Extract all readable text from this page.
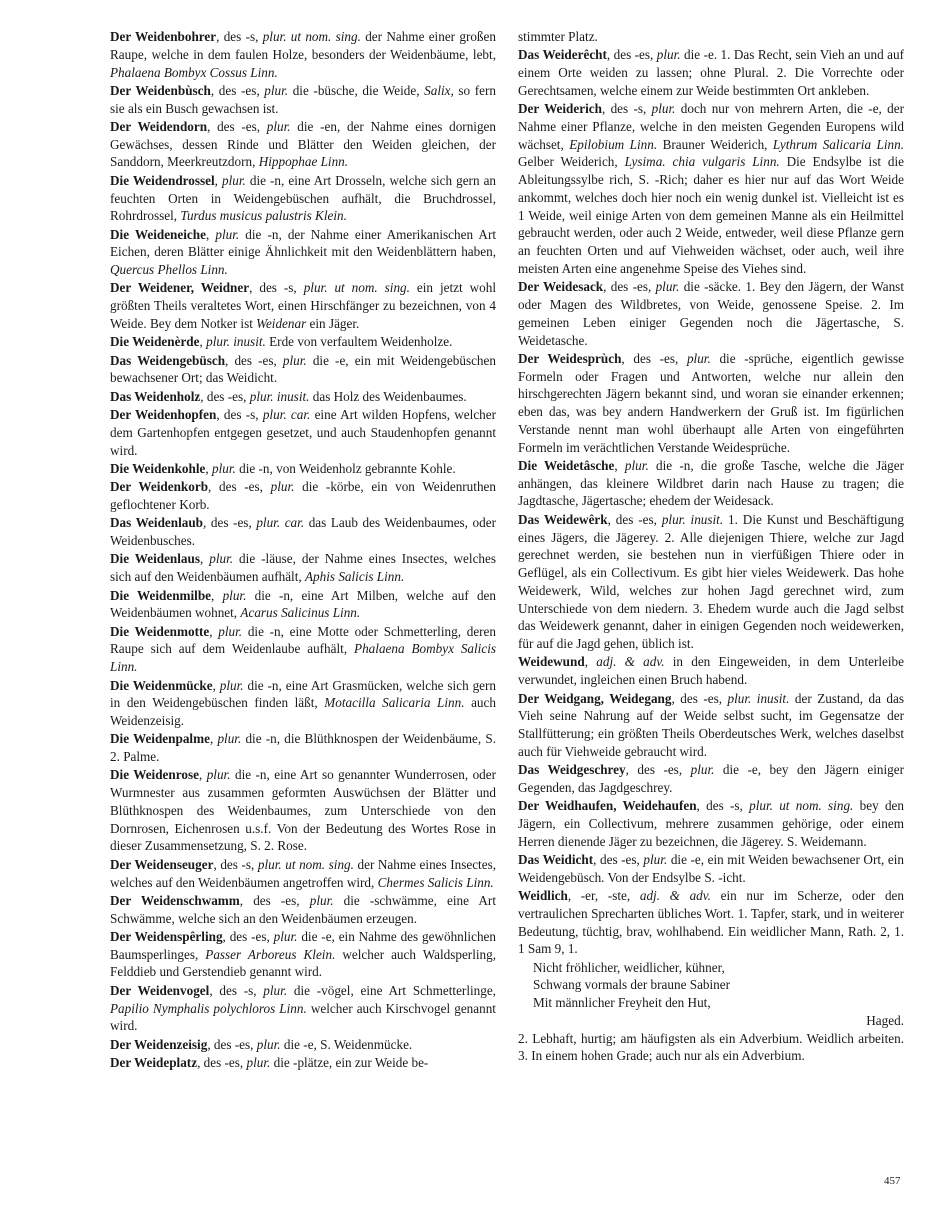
Der Weidenbohrer, des -s, plur. ut nom. sing. der Nahme einer großen Raupe, welche in dem faulen Holze, besonders der Weidenbäume, lebt, Phalaena Bombyx Cossus Linn.
Der Weidenbùsch, des -es, plur. die -büsche, die Weide, Salix, so fern sie als ein Busch gewachsen ist.
Der Weidendorn, des -es, plur. die -en, der Nahme eines dornigen Gewächses, dessen Rinde und Blätter den Weiden gleichen, der Sanddorn, Meerkreutzdorn, Hippophae Linn.
Die Weidendrossel, plur. die -n, eine Art Drosseln, welche sich gern an feuchten Orten in Weidengebüschen aufhält, die Bruchdrossel, Rohrdrossel, Turdus musicus palustris Klein.
Die Weideneiche, plur. die -n, der Nahme einer Amerikanischen Art Eichen, deren Blätter einige Ähnlichkeit mit den Weidenblättern haben, Quercus Phellos Linn.
Der Weidener, Weidner, des -s, plur. ut nom. sing. ein jetzt wohl größten Theils veraltetes Wort, einen Hirschfänger zu bezeichnen, von 4 Weide. Bey dem Notker ist Weidenar ein Jäger.
Die Weidenèrde, plur. inusit. Erde von verfaultem Weidenholze.
Das Weidengebüsch, des -es, plur. die -e, ein mit Weidengebüschen bewachsener Ort; das Weidicht.
Das Weidenholz, des -es, plur. inusit. das Holz des Weidenbaumes.
Der Weidenhopfen, des -s, plur. car. eine Art wilden Hopfens, welcher dem Gartenhopfen entgegen gesetzet, und auch Staudenhopfen genannt wird.
Die Weidenkohle, plur. die -n, von Weidenholz gebrannte Kohle.
Der Weidenkorb, des -es, plur. die -körbe, ein von Weidenruthen geflochtener Korb.
Das Weidenlaub, des -es, plur. car. das Laub des Weidenbaumes, oder Weidenbusches.
Die Weidenlaus, plur. die -läuse, der Nahme eines Insectes, welches sich auf den Weidenbäumen aufhält, Aphis Salicis Linn.
Die Weidenmilbe, plur. die -n, eine Art Milben, welche auf den Weidenbäumen wohnet, Acarus Salicinus Linn.
Die Weidenmotte, plur. die -n, eine Motte oder Schmetterling, deren Raupe sich auf dem Weidenlaube aufhält, Phalaena Bombyx Salicis Linn.
Die Weidenmücke, plur. die -n, eine Art Grasmücken, welche sich gern in den Weidengebüschen finden läßt, Motacilla Salicaria Linn. auch Weidenzeisig.
Die Weidenpalme, plur. die -n, die Blüthknospen der Weidenbäume, S. 2. Palme.
Die Weidenrose, plur. die -n, eine Art so genannter Wunderrosen, oder Wurmnester aus zusammen geformten Auswüchsen der Blätter und Blüthknospen des Weidenbaumes, zum Unterschiede von den Dornrosen, Eichenrosen u.s.f. Von der Bedeutung des Wortes Rose in dieser Zusammensetzung, S. 2. Rose.
Der Weidenseuger, des -s, plur. ut nom. sing. der Nahme eines Insectes, welches auf den Weidenbäumen angetroffen wird, Chermes Salicis Linn.
Der Weidenschwamm, des -es, plur. die -schwämme, eine Art Schwämme, welche sich an den Weidenbäumen erzeugen.
Der Weidenspêrling, des -es, plur. die -e, ein Nahme des gewöhnlichen Baumsperlinges, Passer Arboreus Klein. welcher auch Waldsperling, Felddieb und Gerstendieb genannt wird.
Der Weidenvogel, des -s, plur. die -vögel, eine Art Schmetterlinge, Papilio Nymphalis polychloros Linn. welcher auch Kirschvogel genannt wird.
Der Weidenzeisig, des -es, plur. die -e, S. Weidenmücke.
Der Weideplatz, des -es, plur. die -plätze, ein zur Weide be-
stimmter Platz.
Das Weiderêcht, des -es, plur. die -e. 1. Das Recht, sein Vieh an und auf einem Orte weiden zu lassen; ohne Plural. 2. Die Vorrechte oder Gerechtsamen, welche einem zur Weide bestimmten Ort ankleben.
Der Weiderich, des -s, plur. doch nur von mehrern Arten, die -e, der Nahme einer Pflanze, welche in den meisten Gegenden Europens wild wächset, Epilobium Linn. Brauner Weiderich, Lythrum Salicaria Linn. Gelber Weiderich, Lysima. chia vulgaris Linn. Die Endsylbe ist die Ableitungssylbe rich, S. -Rich; daher es hier nur auf das Wort Weide ankommt, welches doch hier noch ein wenig dunkel ist. Vielleicht ist es 1 Weide, weil einige Arten von dem gemeinen Manne als ein Heilmittel gebraucht werden, oder auch 2 Weide, entweder, weil diese Pflanze gern an feuchten Orten und auf Viehweiden wächset, oder auch, weil ihre meisten Arten eine angenehme Speise des Viehes sind.
Der Weidesack, des -es, plur. die -säcke. 1. Bey den Jägern, der Wanst oder Magen des Wildbretes, von Weide, genossene Speise. 2. Im gemeinen Leben einiger Gegenden noch die Jägertasche, S. Weidetasche.
Der Weidesprùch, des -es, plur. die -sprüche, eigentlich gewisse Formeln oder Fragen und Antworten, welche nur allein den hirschgerechten Jägern bekannt sind, und woran sie einander erkennen; eben das, was bey andern Handwerkern der Gruß ist. Im figürlichen Verstande nennt man wohl überhaupt alle Arten von eingeführten Formeln im verächtlichen Verstande Weidesprüche.
Die Weidetâsche, plur. die -n, die große Tasche, welche die Jäger anhängen, das kleinere Wildbret darin nach Hause zu tragen; die Jagdtasche, Jägertasche; ehedem der Weidesack.
Das Weidewêrk, des -es, plur. inusit. 1. Die Kunst und Beschäftigung eines Jägers, die Jägerey. 2. Alle diejenigen Thiere, welche zur Jagd gerechnet werden, sie bestehen nun in vierfüßigen Thiere oder in Geflügel, als ein Collectivum. Es gibt hier vieles Weidewerk. Das hohe Weidewerk, Wild, welches zur hohen Jagd gerechnet wird, zum Unterschiede von dem niedern. 3. Ehedem wurde auch die Jagd selbst das Weidewerk genannt, daher in einigen Gegenden noch weidewerken, für auf die Jagd gehen, üblich ist.
Weidewund, adj. & adv. in den Eingeweiden, in dem Unterleibe verwundet, ingleichen einen Bruch habend.
Der Weidgang, Weidegang, des -es, plur. inusit. der Zustand, da das Vieh seine Nahrung auf der Weide selbst sucht, im Gegensatze der Stallfütterung; ein größten Theils Oberdeutsches Werk, welches daselbst auch für Viehweide gebraucht wird.
Das Weidgeschrey, des -es, plur. die -e, bey den Jägern einiger Gegenden, das Jagdgeschrey.
Der Weidhaufen, Weidehaufen, des -s, plur. ut nom. sing. bey den Jägern, ein Collectivum, mehrere zusammen gehörige, oder einem Herren dienende Jäger zu bezeichnen, die Jägerey. S. Weidemann.
Das Weidicht, des -es, plur. die -e, ein mit Weiden bewachsener Ort, ein Weidengebüsch. Von der Endsylbe S. -icht.
Weidlich, -er, -ste, adj. & adv. ein nur im Scherze, oder den vertraulichen Sprecharten übliches Wort. 1. Tapfer, stark, und in weiterer Bedeutung, tüchtig, brav, wohlhabend. Ein weidlicher Mann, Rath. 2, 1. 1 Sam 9, 1.
Nicht fröhlicher, weidlicher, kühner,
Schwang vormals der braune Sabiner
Mit männlicher Freyheit den Hut,
Haged.
2. Lebhaft, hurtig; am häufigsten als ein Adverbium. Weidlich arbeiten. 3. In einem hohen Grade; auch nur als ein Adverbium.
457
